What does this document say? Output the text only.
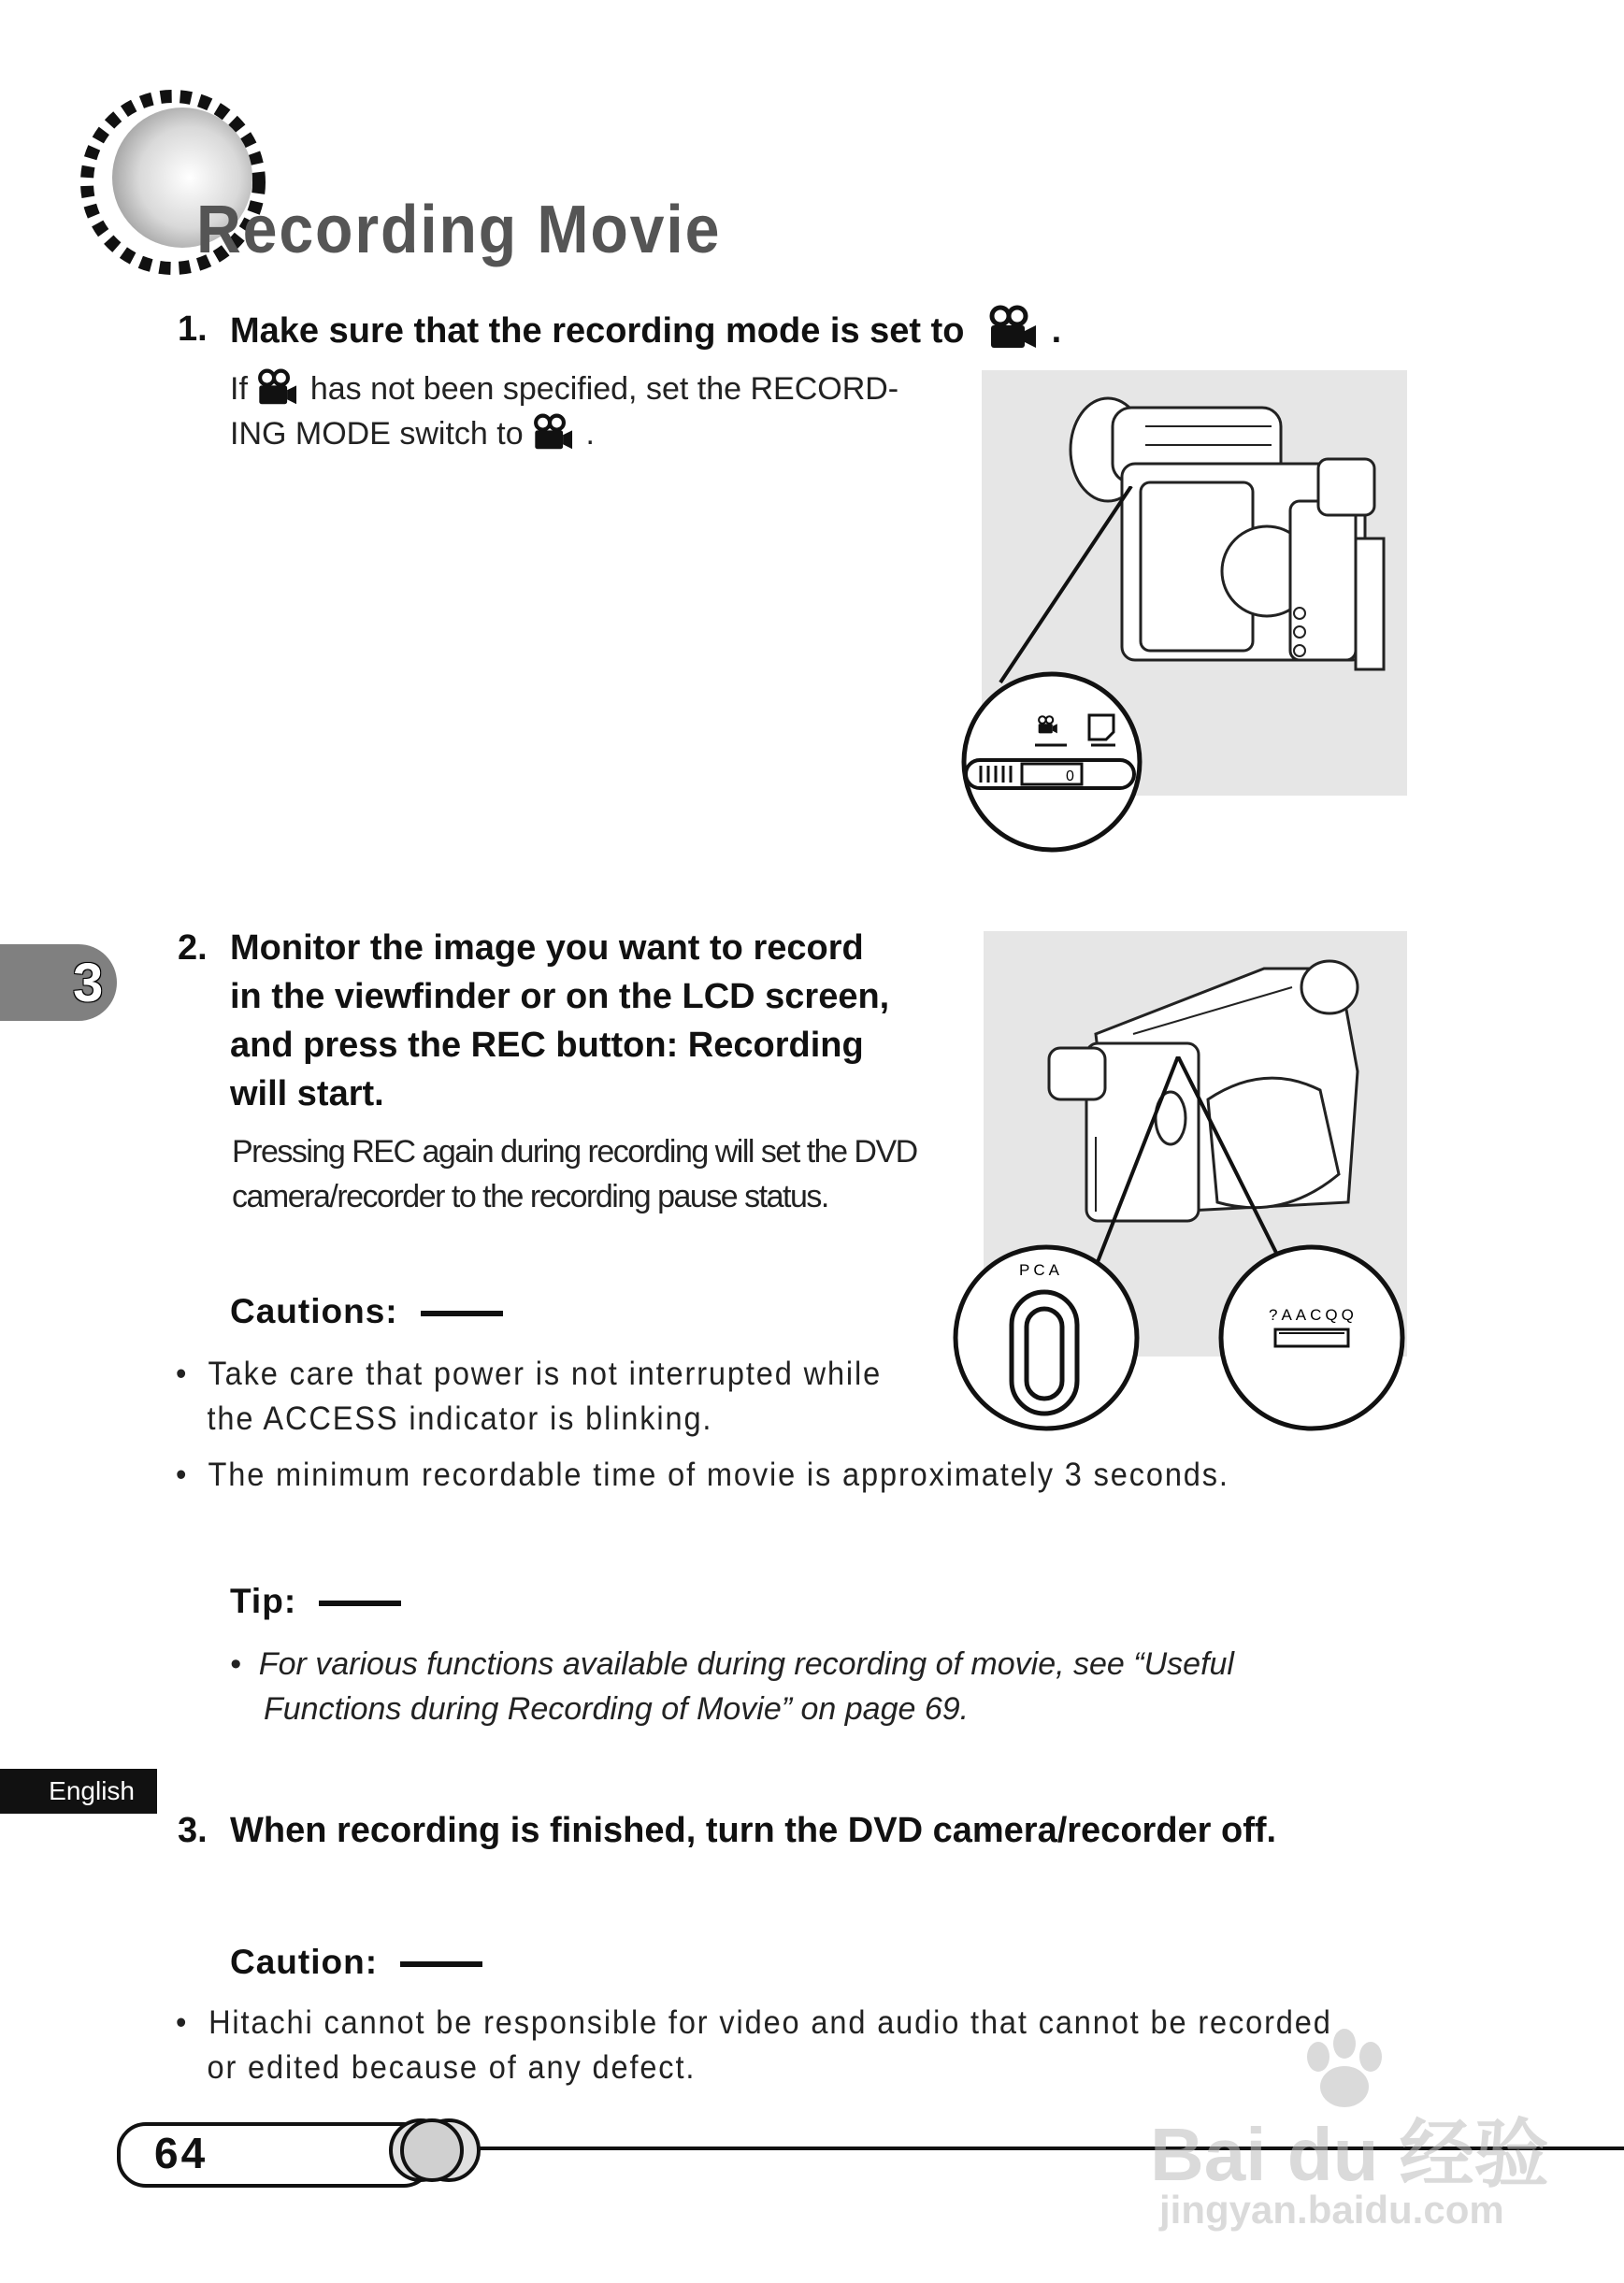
Recording Movie
1. Make sure that the recording mode is set to .
If has not been specified, set the RECORD-
ING MODE switch to .
0
3
2. Monitor the image you want to record
in the viewfinder or on the LCD screen,
and press the REC button: Recording
will start.
Pressing REC again during recording will set the DVD
camera/recorder to the recording pause status.
PCA
?AACQQ
Cautions:
•  Take care that power is not interrupted while
the ACCESS indicator is blinking.
•  The minimum recordable time of movie is approximately 3 seconds.
Tip:
•  For various functions available during recording of movie, see “Useful
Functions during Recording of Movie” on page 69.
English
3. When recording is finished, turn the DVD camera/recorder off.
Caution:
•  Hitachi cannot be responsible for video and audio that cannot be recorded
or edited because of any defect.
64	Bai du 经验
jingyan.baidu.com
